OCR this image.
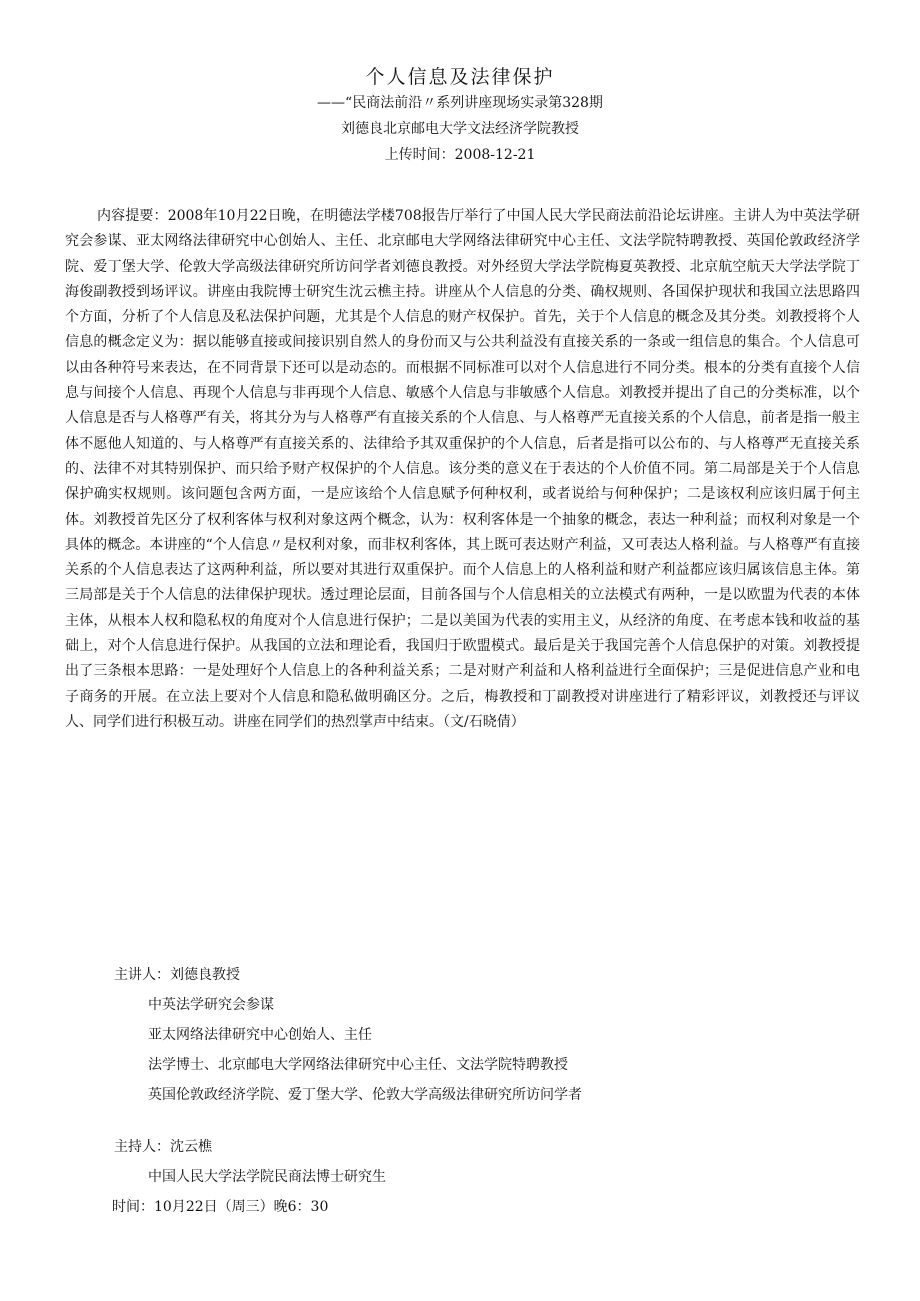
个人信息及法律保护

——“民商法前沿〃系列讲座现场实录第328期

刘德良北京邮电大学文法经济学院教授

上传时间：2008-12-21

内容提要：2008年10月22日晚，在明德法学楼708报告厅举行了中国人民大学民商法前沿论坛讲座。主讲人为中英法学研究会参谋、亚太网络法律研究中心创始人、主任、北京邮电大学网络法律研究中心主任、文法学院特聘教授、英国伦敦政经济学院、爱丁堡大学、伦敦大学高级法律研究所访问学者刘德良教授。对外经贸大学法学院梅夏英教授、北京航空航天大学法学院丁海俊副教授到场评议。讲座由我院博士研究生沈云樵主持。讲座从个人信息的分类、确权规则、各国保护现状和我国立法思路四个方面，分析了个人信息及私法保护问题，尤其是个人信息的财产权保护。首先，关于个人信息的概念及其分类。刘教授将个人信息的概念定义为：据以能够直接或间接识别自然人的身份而又与公共利益没有直接关系的一条或一组信息的集合。个人信息可以由各种符号来表达，在不同背景下还可以是动态的。而根据不同标准可以对个人信息进行不同分类。根本的分类有直接个人信息与间接个人信息、再现个人信息与非再现个人信息、敏感个人信息与非敏感个人信息。刘教授并提出了自己的分类标准，以个人信息是否与人格尊严有关，将其分为与人格尊严有直接关系的个人信息、与人格尊严无直接关系的个人信息，前者是指一般主体不愿他人知道的、与人格尊严有直接关系的、法律给予其双重保护的个人信息，后者是指可以公布的、与人格尊严无直接关系的、法律不对其特别保护、而只给予财产权保护的个人信息。该分类的意义在于表达的个人价值不同。第二局部是关于个人信息保护确实权规则。该问题包含两方面，一是应该给个人信息赋予何种权利，或者说给与何种保护；二是该权利应该归属于何主体。刘教授首先区分了权利客体与权利对象这两个概念，认为：权利客体是一个抽象的概念，表达一种利益；而权利对象是一个具体的概念。本讲座的“个人信息〃是权利对象，而非权利客体，其上既可表达财产利益，又可表达人格利益。与人格尊严有直接关系的个人信息表达了这两种利益，所以要对其进行双重保护。而个人信息上的人格利益和财产利益都应该归属该信息主体。第三局部是关于个人信息的法律保护现状。透过理论层面，目前各国与个人信息相关的立法模式有两种，一是以欧盟为代表的本体主体，从根本人权和隐私权的角度对个人信息进行保护；二是以美国为代表的实用主义，从经济的角度、在考虑本钱和收益的基础上，对个人信息进行保护。从我国的立法和理论看，我国归于欧盟模式。最后是关于我国完善个人信息保护的对策。刘教授提出了三条根本思路：一是处理好个人信息上的各种利益关系；二是对财产利益和人格利益进行全面保护；三是促进信息产业和电子商务的开展。在立法上要对个人信息和隐私做明确区分。之后，梅教授和丁副教授对讲座进行了精彩评议，刘教授还与评议人、同学们进行积极互动。讲座在同学们的热烈掌声中结束。（文/石晓倩）

主讲人：刘德良教授

中英法学研究会参谋

亚太网络法律研究中心创始人、主任

法学博士、北京邮电大学网络法律研究中心主任、文法学院特聘教授

英国伦敦政经济学院、爱丁堡大学、伦敦大学高级法律研究所访问学者

主持人：沈云樵

中国人民大学法学院民商法博士研究生

时间：10月22日（周三）晚6：30
